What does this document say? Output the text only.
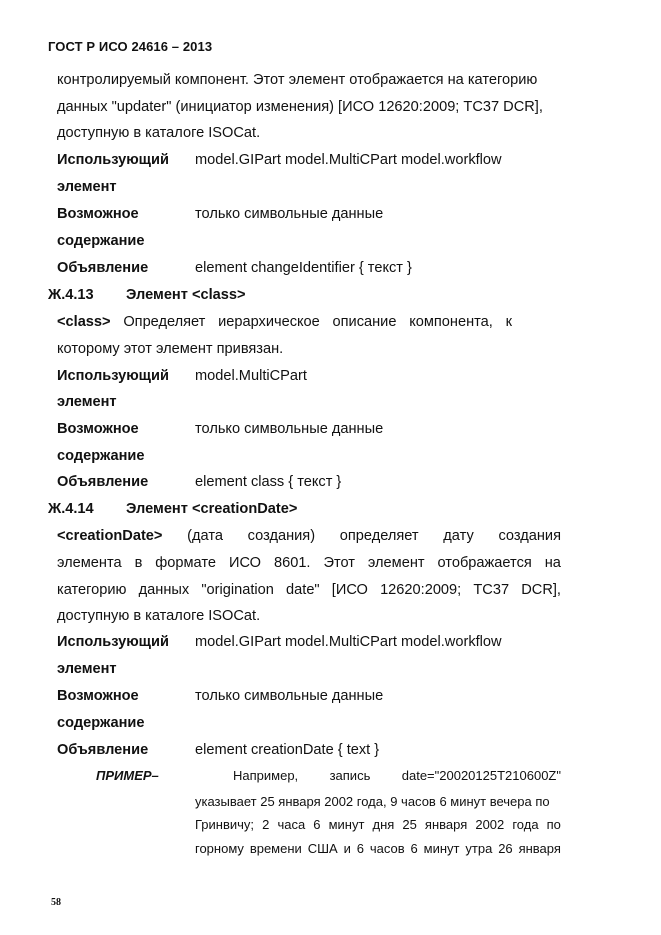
ГОСТ Р ИСО 24616 – 2013
контролируемый компонент. Этот элемент отображается на категорию
данных "updater" (инициатор изменения) [ИСО 12620:2009; ТС37 DCR],
доступную в каталоге ISOCat.
Использующий model.GIPart model.MultiCPart model.workflow
элемент
Возможное	только символьные данные
содержание
Объявление	element changeIdentifier { текст }
Ж.4.13 Элемент <class>
<class> Определяет иерархическое описание компонента, к
которому этот элемент привязан.
Использующий model.MultiCPart
элемент
Возможное	только символьные данные
содержание
Объявление	element class { текст }
Ж.4.14 Элемент <creationDate>
<creationDate> (дата создания) определяет дату создания
элемента в формате ИСО 8601. Этот элемент отображается на
категорию данных "origination date" [ИСО 12620:2009; ТС37 DCR],
доступную в каталоге ISOCat.
Использующий model.GIPart model.MultiCPart model.workflow
элемент
Возможное	только символьные данные
содержание
Объявление	element creationDate { text }
ПРИМЕР–	Например, запись date="20020125T210600Z"
указывает 25 января 2002 года, 9 часов 6 минут вечера по
Гринвичу; 2 часа 6 минут дня 25 января 2002 года по
горному времени США и 6 часов 6 минут утра 26 января
58
